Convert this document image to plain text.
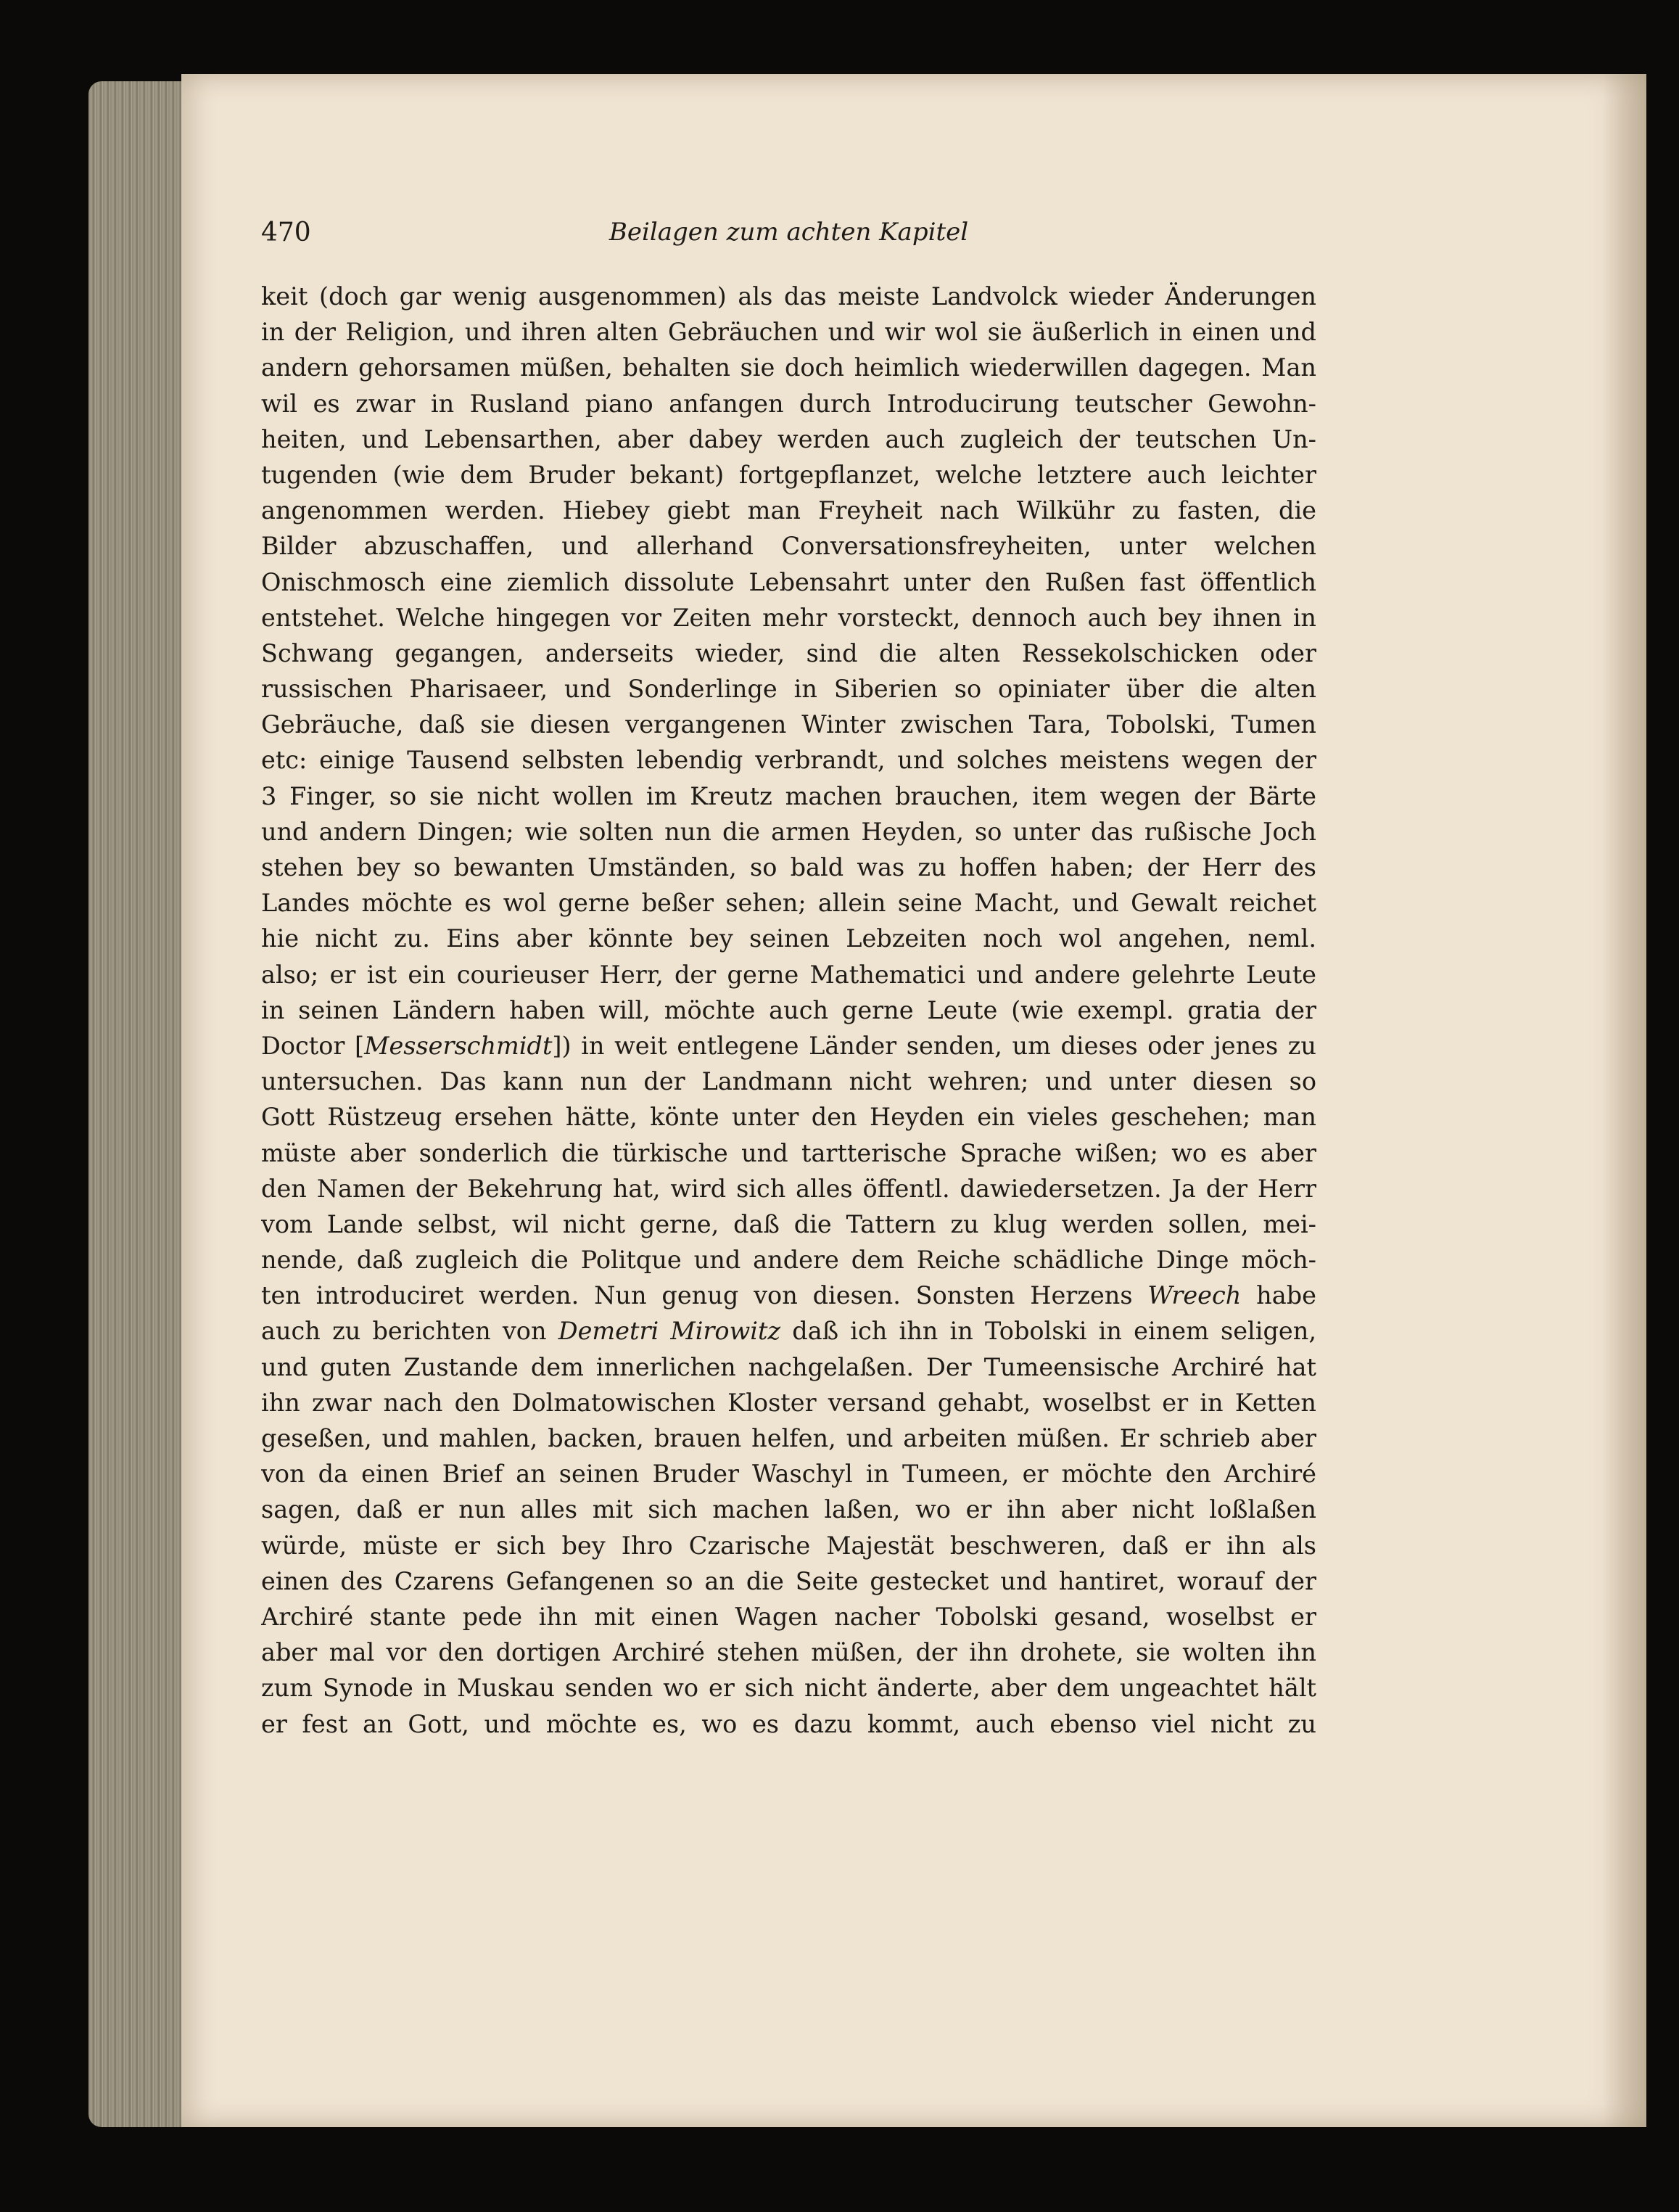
470	Beilagen zum achten Kapitel
keit (doch gar wenig ausgenommen) als das meiste Landvolck wieder Änderungen
in der Religion, und ihren alten Gebräuchen und wir wol sie äußerlich in einen und
andern gehorsamen müßen, behalten sie doch heimlich wiederwillen dagegen. Man
wil es zwar in Rusland piano anfangen durch Introducirung teutscher Gewohn-
heiten, und Lebensarthen, aber dabey werden auch zugleich der teutschen Un-
tugenden (wie dem Bruder bekant) fortgepflanzet, welche letztere auch leichter
angenommen werden. Hiebey giebt man Freyheit nach Wilkühr zu fasten, die
Bilder abzuschaffen, und allerhand Conversationsfreyheiten, unter welchen
Onischmosch eine ziemlich dissolute Lebensahrt unter den Rußen fast öffentlich
entstehet. Welche hingegen vor Zeiten mehr vorsteckt, dennoch auch bey ihnen in
Schwang gegangen, anderseits wieder, sind die alten Ressekolschicken oder
russischen Pharisaeer, und Sonderlinge in Siberien so opiniater über die alten
Gebräuche, daß sie diesen vergangenen Winter zwischen Tara, Tobolski, Tumen
etc: einige Tausend selbsten lebendig verbrandt, und solches meistens wegen der
3 Finger, so sie nicht wollen im Kreutz machen brauchen, item wegen der Bärte
und andern Dingen; wie solten nun die armen Heyden, so unter das rußische Joch
stehen bey so bewanten Umständen, so bald was zu hoffen haben; der Herr des
Landes möchte es wol gerne beßer sehen; allein seine Macht, und Gewalt reichet
hie nicht zu. Eins aber könnte bey seinen Lebzeiten noch wol angehen, neml.
also; er ist ein courieuser Herr, der gerne Mathematici und andere gelehrte Leute
in seinen Ländern haben will, möchte auch gerne Leute (wie exempl. gratia der
Doctor [Messerschmidt]) in weit entlegene Länder senden, um dieses oder jenes zu
untersuchen. Das kann nun der Landmann nicht wehren; und unter diesen so
Gott Rüstzeug ersehen hätte, könte unter den Heyden ein vieles geschehen; man
müste aber sonderlich die türkische und tartterische Sprache wißen; wo es aber
den Namen der Bekehrung hat, wird sich alles öffentl. dawiedersetzen. Ja der Herr
vom Lande selbst, wil nicht gerne, daß die Tattern zu klug werden sollen, mei-
nende, daß zugleich die Politque und andere dem Reiche schädliche Dinge möch-
ten introduciret werden. Nun genug von diesen. Sonsten Herzens Wreech habe
auch zu berichten von Demetri Mirowitz daß ich ihn in Tobolski in einem seligen,
und guten Zustande dem innerlichen nachgelaßen. Der Tumeensische Archiré hat
ihn zwar nach den Dolmatowischen Kloster versand gehabt, woselbst er in Ketten
geseßen, und mahlen, backen, brauen helfen, und arbeiten müßen. Er schrieb aber
von da einen Brief an seinen Bruder Waschyl in Tumeen, er möchte den Archiré
sagen, daß er nun alles mit sich machen laßen, wo er ihn aber nicht loßlaßen
würde, müste er sich bey Ihro Czarische Majestät beschweren, daß er ihn als
einen des Czarens Gefangenen so an die Seite gestecket und hantiret, worauf der
Archiré stante pede ihn mit einen Wagen nacher Tobolski gesand, woselbst er
aber mal vor den dortigen Archiré stehen müßen, der ihn drohete, sie wolten ihn
zum Synode in Muskau senden wo er sich nicht änderte, aber dem ungeachtet hält
er fest an Gott, und möchte es, wo es dazu kommt, auch ebenso viel nicht zu
